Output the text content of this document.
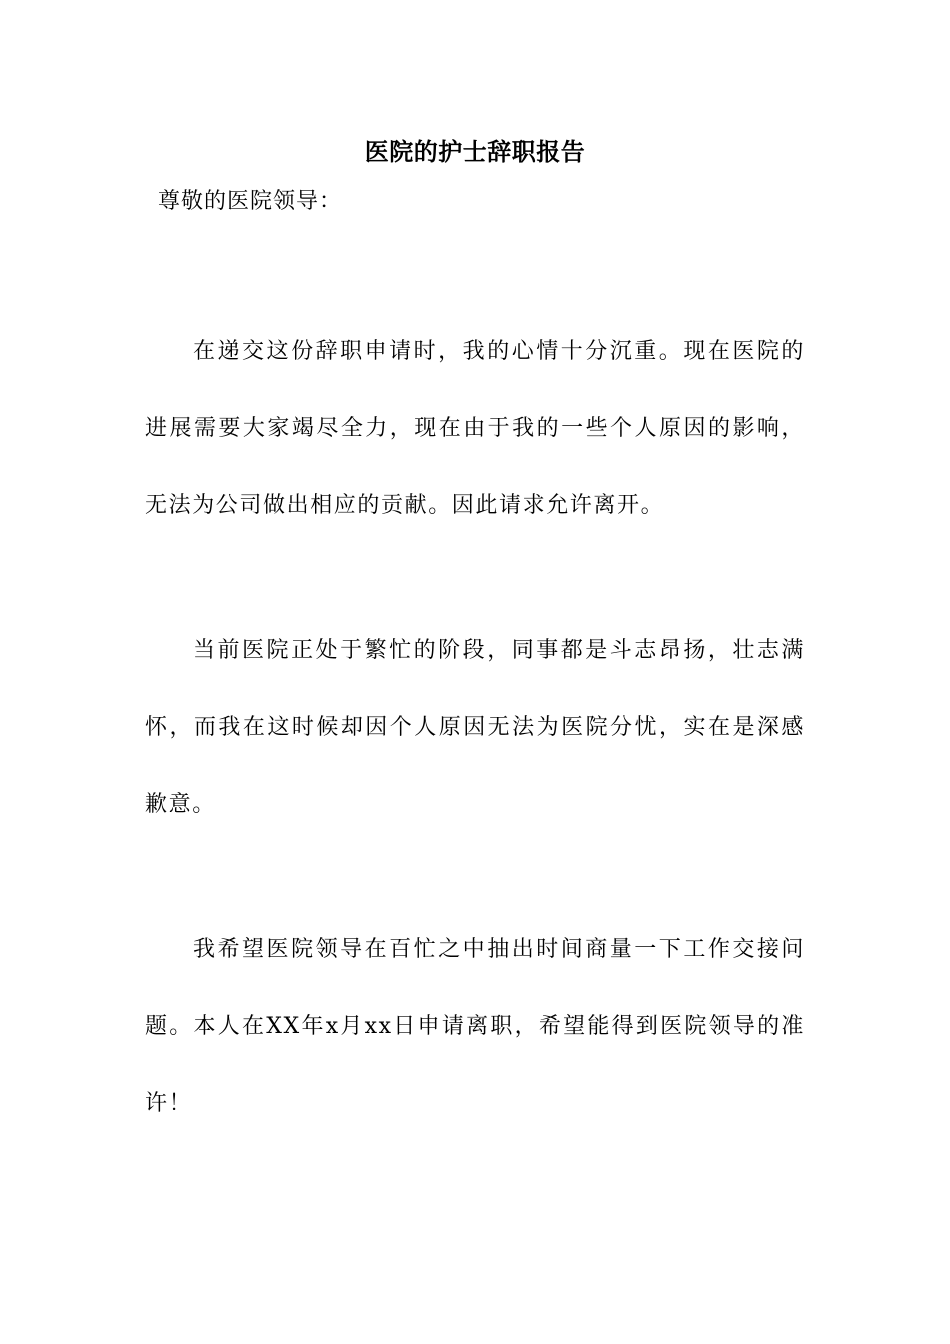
医院的护士辞职报告
尊敬的医院领导：

在递交这份辞职申请时，我的心情十分沉重。现在医院的进展需要大家竭尽全力，现在由于我的一些个人原因的影响，无法为公司做出相应的贡献。因此请求允许离开。

当前医院正处于繁忙的阶段，同事都是斗志昂扬，壮志满怀，而我在这时候却因个人原因无法为医院分忧，实在是深感歉意。

我希望医院领导在百忙之中抽出时间商量一下工作交接问题。本人在XX年x月xx日申请离职，希望能得到医院领导的准许！
